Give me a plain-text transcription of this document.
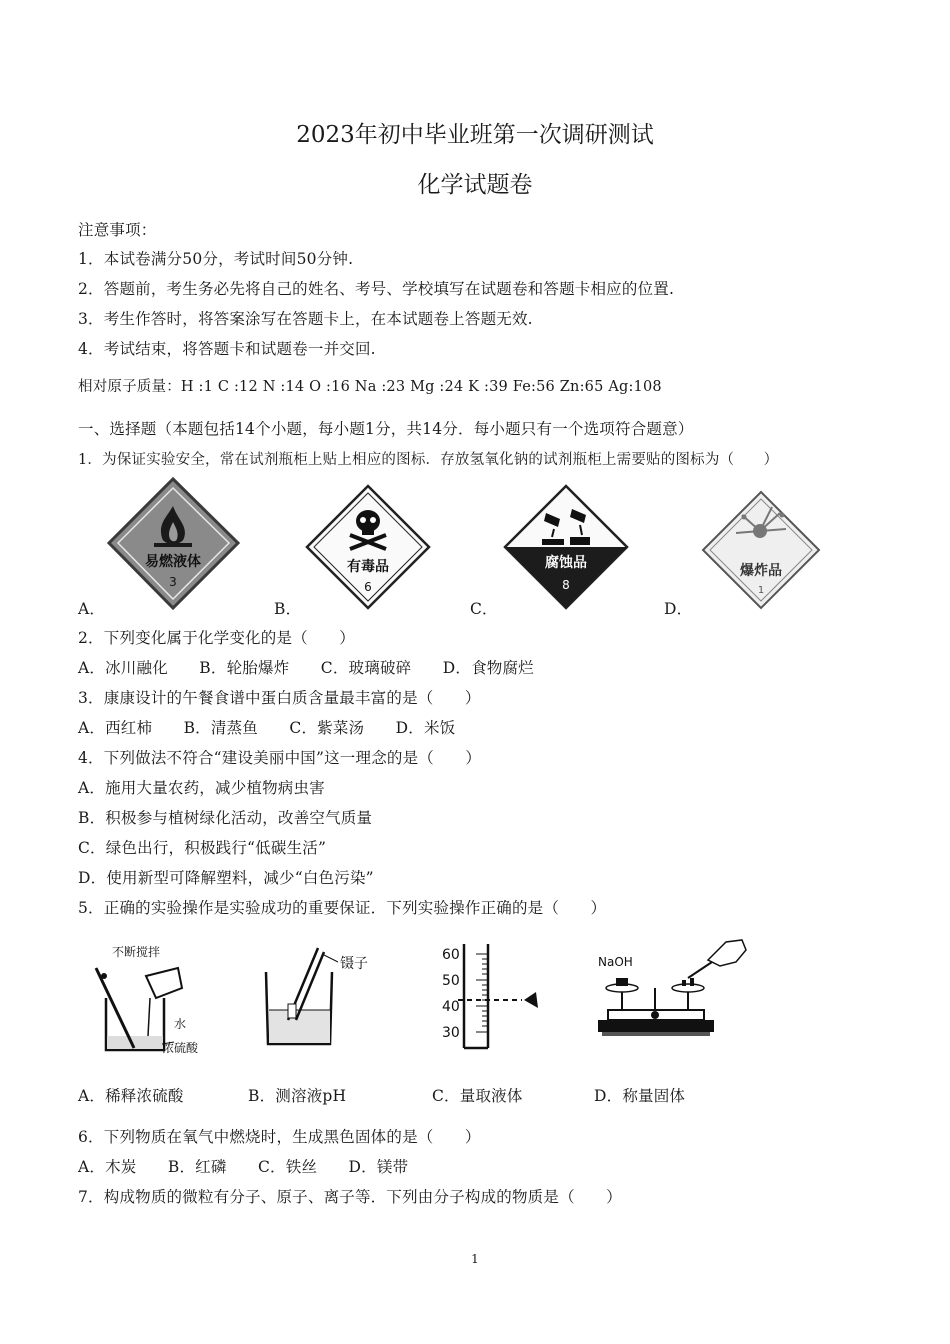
2023年初中毕业班第一次调研测试
化学试题卷
注意事项：
1．本试卷满分50分，考试时间50分钟.
2．答题前，考生务必先将自己的姓名、考号、学校填写在试题卷和答题卡相应的位置.
3．考生作答时，将答案涂写在答题卡上，在本试题卷上答题无效.
4．考试结束，将答题卡和试题卷一并交回.
相对原子质量：H :1 C :12 N :14 O :16 Na :23 Mg :24 K :39 Fe:56 Zn:65 Ag:108
一、选择题（本题包括14个小题，每小题1分，共14分．每小题只有一个选项符合题意）
1．为保证实验安全，常在试剂瓶柜上贴上相应的图标．存放氢氧化钠的试剂瓶柜上需要贴的图标为（　　）
易燃液体
3
有毒品
6
腐蚀品
8
爆炸品
1
A．	B．	C．	D．
2．下列变化属于化学变化的是（　　）
A．冰川融化　　B．轮胎爆炸　　C．玻璃破碎　　D．食物腐烂
3．康康设计的午餐食谱中蛋白质含量最丰富的是（　　）
A．西红柿　　B．清蒸鱼　　C．紫菜汤　　D．米饭
4．下列做法不符合“建设美丽中国”这一理念的是（　　）
A．施用大量农药，减少植物病虫害
B．积极参与植树绿化活动，改善空气质量
C．绿色出行，积极践行“低碳生活”
D．使用新型可降解塑料，减少“白色污染”
5．正确的实验操作是实验成功的重要保证．下列实验操作正确的是（　　）
不断搅拌
水
浓硫酸
镊子
60
50
40
30
NaOH
A．稀释浓硫酸	B．测溶液pH	C．量取液体	D．称量固体
6．下列物质在氧气中燃烧时，生成黑色固体的是（　　）
A．木炭　　B．红磷　　C．铁丝　　D．镁带
7．构成物质的微粒有分子、原子、离子等．下列由分子构成的物质是（　　）
1
